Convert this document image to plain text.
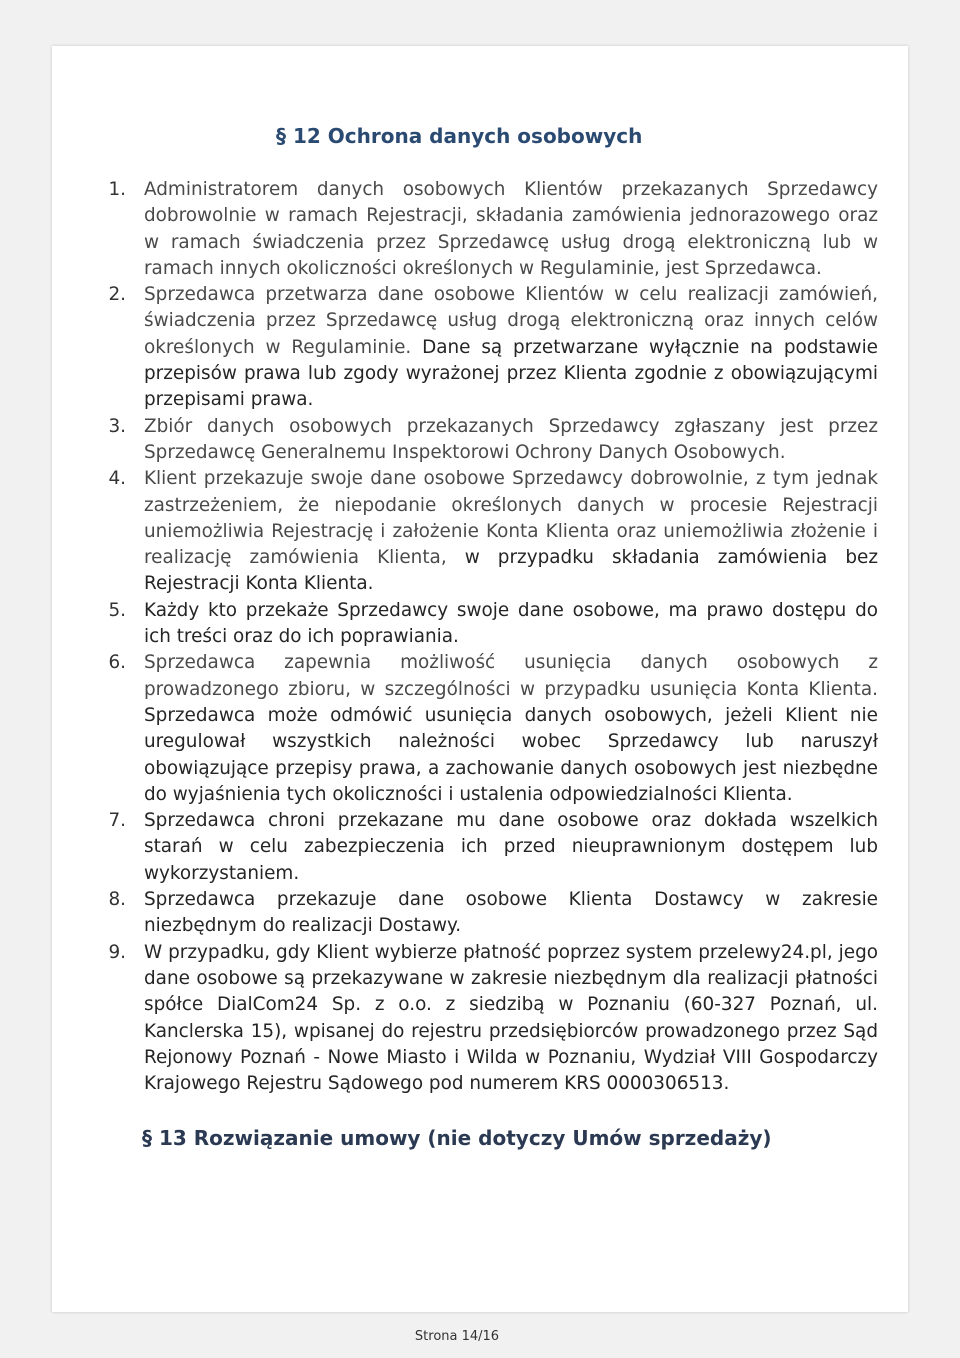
§ 12 Ochrona danych osobowych
1. Administratorem danych osobowych Klientów przekazanych Sprzedawcy dobrowolnie w ramach Rejestracji, składania zamówienia jednorazowego oraz w ramach świadczenia przez Sprzedawcę usług drogą elektroniczną lub w ramach innych okoliczności określonych w Regulaminie, jest Sprzedawca.
2. Sprzedawca przetwarza dane osobowe Klientów w celu realizacji zamówień, świadczenia przez Sprzedawcę usług drogą elektroniczną oraz innych celów określonych w Regulaminie. Dane są przetwarzane wyłącznie na podstawie przepisów prawa lub zgody wyrażonej przez Klienta zgodnie z obowiązującymi przepisami prawa.
3. Zbiór danych osobowych przekazanych Sprzedawcy zgłaszany jest przez Sprzedawcę Generalnemu Inspektorowi Ochrony Danych Osobowych.
4. Klient przekazuje swoje dane osobowe Sprzedawcy dobrowolnie, z tym jednak zastrzeżeniem, że niepodanie określonych danych w procesie Rejestracji uniemożliwia Rejestrację i założenie Konta Klienta oraz uniemożliwia złożenie i realizację zamówienia Klienta, w przypadku składania zamówienia bez Rejestracji Konta Klienta.
5. Każdy kto przekaże Sprzedawcy swoje dane osobowe, ma prawo dostępu do ich treści oraz do ich poprawiania.
6. Sprzedawca zapewnia możliwość usunięcia danych osobowych z prowadzonego zbioru, w szczególności w przypadku usunięcia Konta Klienta. Sprzedawca może odmówić usunięcia danych osobowych, jeżeli Klient nie uregulował wszystkich należności wobec Sprzedawcy lub naruszył obowiązujące przepisy prawa, a zachowanie danych osobowych jest niezbędne do wyjaśnienia tych okoliczności i ustalenia odpowiedzialności Klienta.
7. Sprzedawca chroni przekazane mu dane osobowe oraz dokłada wszelkich starań w celu zabezpieczenia ich przed nieuprawnionym dostępem lub wykorzystaniem.
8. Sprzedawca przekazuje dane osobowe Klienta Dostawcy w zakresie niezbędnym do realizacji Dostawy.
9. W przypadku, gdy Klient wybierze płatność poprzez system przelewy24.pl, jego dane osobowe są przekazywane w zakresie niezbędnym dla realizacji płatności spółce DialCom24 Sp. z o.o. z siedzibą w Poznaniu (60-327 Poznań, ul. Kanclerska 15), wpisanej do rejestru przedsiębiorców prowadzonego przez Sąd Rejonowy Poznań - Nowe Miasto i Wilda w Poznaniu, Wydział VIII Gospodarczy Krajowego Rejestru Sądowego pod numerem KRS 0000306513.
§ 13 Rozwiązanie umowy (nie dotyczy Umów sprzedaży)
Strona 14/16
